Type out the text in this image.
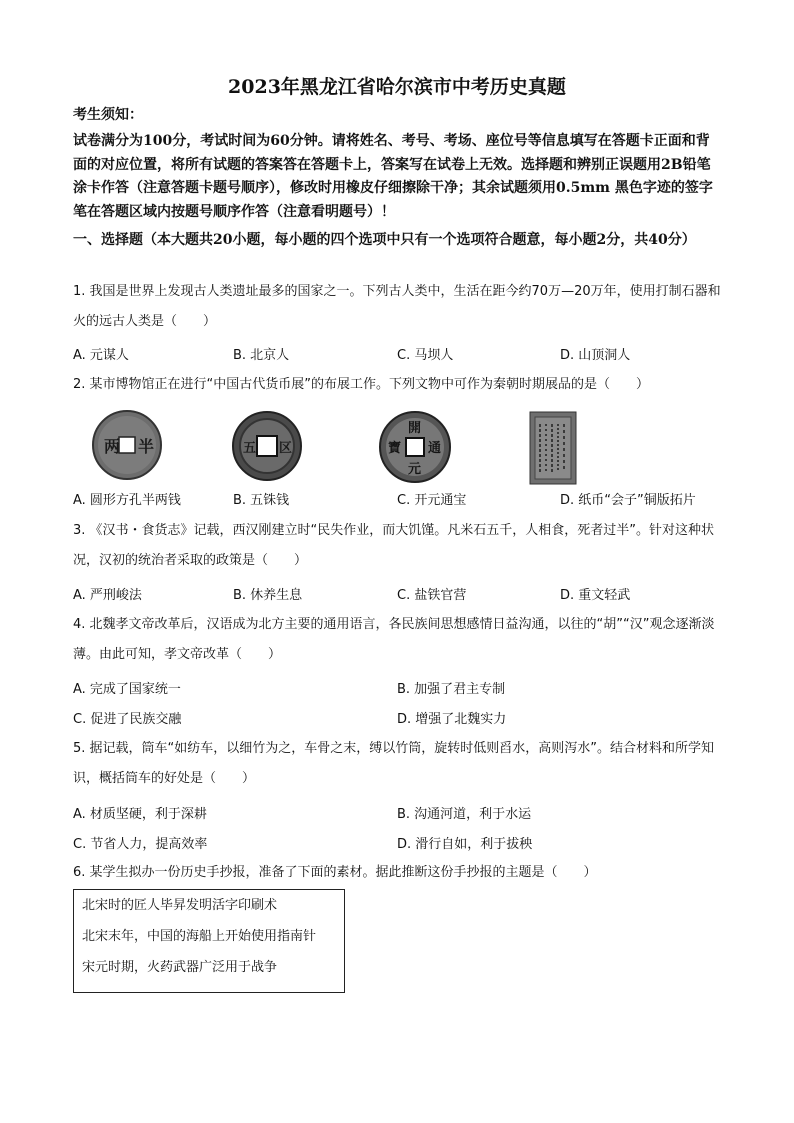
2023年黑龙江省哈尔滨市中考历史真题
考生须知：
试卷满分为100分，考试时间为60分钟。请将姓名、考号、考场、座位号等信息填写在答题卡正面和背面的对应位置，将所有试题的答案答在答题卡上，答案写在试卷上无效。选择题和辨别正误题用2B铅笔涂卡作答（注意答题卡题号顺序），修改时用橡皮仔细擦除干净；其余试题须用0.5mm 黑色字迹的签字笔在答题区域内按题号顺序作答（注意看明题号）！
一、选择题（本大题共20小题，每小题的四个选项中只有一个选项符合题意，每小题2分，共40分）
1. 我国是世界上发现古人类遗址最多的国家之一。下列古人类中，生活在距今约70万—20万年，使用打制石器和火的远古人类是（　　）
A. 元谋人	B. 北京人	C. 马坝人	D. 山顶洞人
2. 某市博物馆正在进行“中国古代货币展”的布展工作。下列文物中可作为秦朝时期展品的是（　　）
两 半	五 区
開
元
通
寶
A. 圆形方孔半两钱	B. 五铢钱	C. 开元通宝	D. 纸币“会子”铜版拓片
3. 《汉书・食货志》记载，西汉刚建立时“民失作业，而大饥馑。凡米石五千，人相食，死者过半”。针对这种状况，汉初的统治者采取的政策是（　　）
A. 严刑峻法	B. 休养生息	C. 盐铁官营	D. 重文轻武
4. 北魏孝文帝改革后，汉语成为北方主要的通用语言，各民族间思想感情日益沟通，以往的“胡”“汉”观念逐渐淡薄。由此可知，孝文帝改革（　　）
A. 完成了国家统一	B. 加强了君主专制
C. 促进了民族交融	D. 增强了北魏实力
5. 据记载，筒车“如纺车，以细竹为之，车骨之末，缚以竹筒，旋转时低则舀水，高则泻水”。结合材料和所学知识，概括筒车的好处是（　　）
A. 材质坚硬，利于深耕	B. 沟通河道，利于水运
C. 节省人力，提高效率	D. 滑行自如，利于拔秧
6. 某学生拟办一份历史手抄报，准备了下面的素材。据此推断这份手抄报的主题是（　　）
北宋时的匠人毕昇发明活字印刷术
北宋末年，中国的海船上开始使用指南针
宋元时期，火药武器广泛用于战争
